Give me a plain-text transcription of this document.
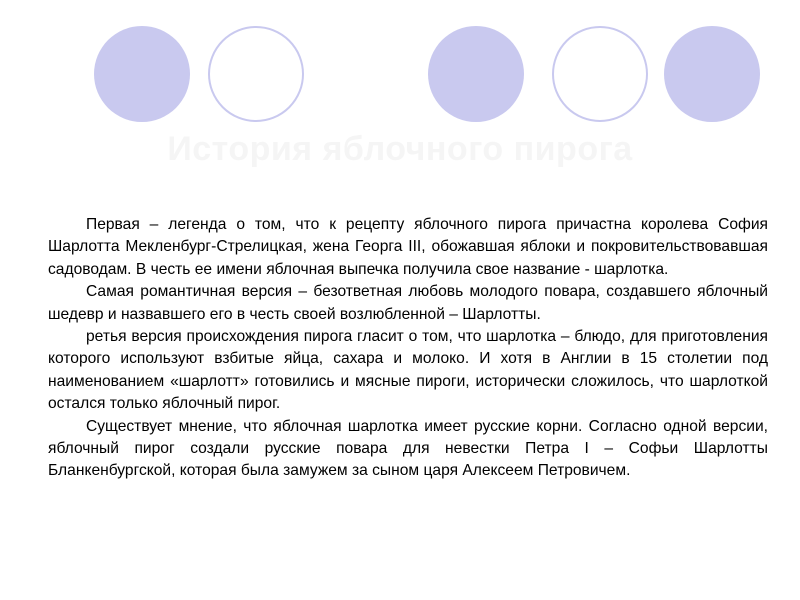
История яблочного пирога

Первая – легенда о том, что к рецепту яблочного пирога причастна королева София Шарлотта Мекленбург-Стрелицкая, жена Георга III, обожавшая яблоки и покровительствовавшая садоводам. В честь ее имени яблочная выпечка получила свое название - шарлотка.

Самая романтичная версия – безответная любовь молодого повара, создавшего яблочный шедевр и назвавшего его в честь своей возлюбленной – Шарлотты.

ретья версия происхождения пирога гласит о том, что шарлотка – блюдо, для приготовления которого используют взбитые яйца, сахара и молоко. И хотя в Англии в 15 столетии под наименованием «шарлотт» готовились и мясные пироги, исторически сложилось, что шарлоткой остался только яблочный пирог.

Существует мнение, что яблочная шарлотка имеет русские корни. Согласно одной версии, яблочный пирог создали русские повара для невестки Петра I – Софьи Шарлотты Бланкенбургской, которая была замужем за сыном царя Алексеем Петровичем.
